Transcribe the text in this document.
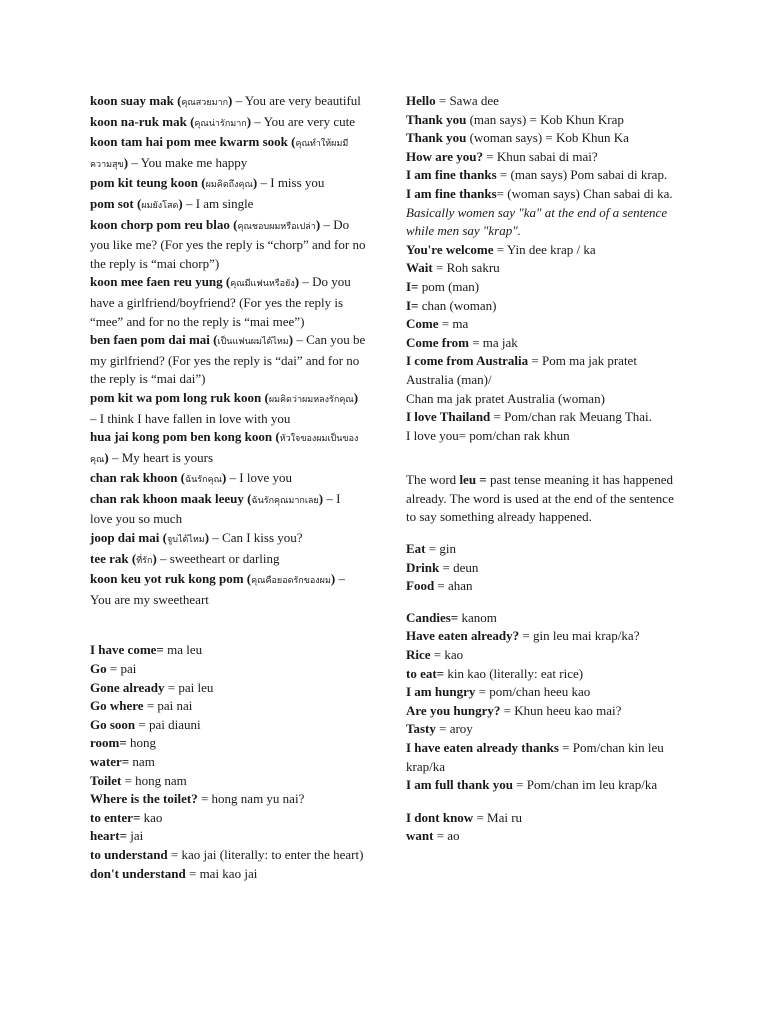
koon suay mak (คุณสวยมาก) – You are very beautiful

koon na-ruk mak (คุณน่ารักมาก) – You are very cute

koon tam hai pom mee kwarm sook (คุณทำให้ผมมีความสุข) – You make me happy

pom kit teung koon (ผมคิดถึงคุณ) – I miss you

pom sot (ผมยังโสด) – I am single

koon chorp pom reu blao (คุณชอบผมหรือเปล่า) – Do you like me? (For yes the reply is “chorp” and for no the reply is “mai chorp”)

koon mee faen reu yung (คุณมีแฟนหรือยัง) – Do you have a girlfriend/boyfriend? (For yes the reply is “mee” and for no the reply is “mai mee”)

ben faen pom dai mai (เป็นแฟนผมได้ไหม) – Can you be my girlfriend? (For yes the reply is “dai” and for no the reply is “mai dai”)

pom kit wa pom long ruk koon (ผมคิดว่าผมหลงรักคุณ) – I think I have fallen in love with you

hua jai kong pom ben kong koon (หัวใจของผมเป็นของคุณ) – My heart is yours

chan rak khoon (ฉันรักคุณ) – I love you

chan rak khoon maak leeuy (ฉันรักคุณมากเลย) – I love you so much

joop dai mai (จูบได้ไหม) – Can I kiss you?

tee rak (ที่รัก) – sweetheart or darling

koon keu yot ruk kong pom (คุณคือยอดรักของผม) – You are my sweetheart

I have come= ma leu

Go = pai

Gone already = pai leu

Go where = pai nai

Go soon = pai diauni

room= hong

water= nam

Toilet = hong nam

Where is the toilet? = hong nam yu nai?

to enter= kao

heart= jai

to understand = kao jai (literally: to enter the heart)

don't understand = mai kao jai

Hello = Sawa dee

Thank you (man says) = Kob Khun Krap

Thank you (woman says) = Kob Khun Ka

How are you? = Khun sabai di mai?

I am fine thanks = (man says) Pom sabai di krap.

I am fine thanks= (woman says) Chan sabai di ka.

Basically women say "ka" at the end of a sentence

while men say "krap".

You're welcome = Yin dee krap / ka

Wait = Roh sakru

I= pom (man)

I= chan (woman)

Come = ma

Come from = ma jak

I come from Australia = Pom ma jak pratet Australia (man)/

Chan ma jak pratet Australia (woman)

I love Thailand = Pom/chan rak Meuang Thai.

I love you= pom/chan rak khun

The word leu = past tense meaning it has happened already. The word is used at the end of the sentence to say something already happened.

Eat = gin

Drink = deun

Food = ahan

Candies= kanom

Have eaten already? = gin leu mai krap/ka?

Rice = kao

to eat= kin kao (literally: eat rice)

I am hungry = pom/chan heeu kao

Are you hungry? = Khun heeu kao mai?

Tasty = aroy

I have eaten already thanks = Pom/chan kin leu krap/ka

I am full thank you = Pom/chan im leu krap/ka

I dont know = Mai ru

want = ao
